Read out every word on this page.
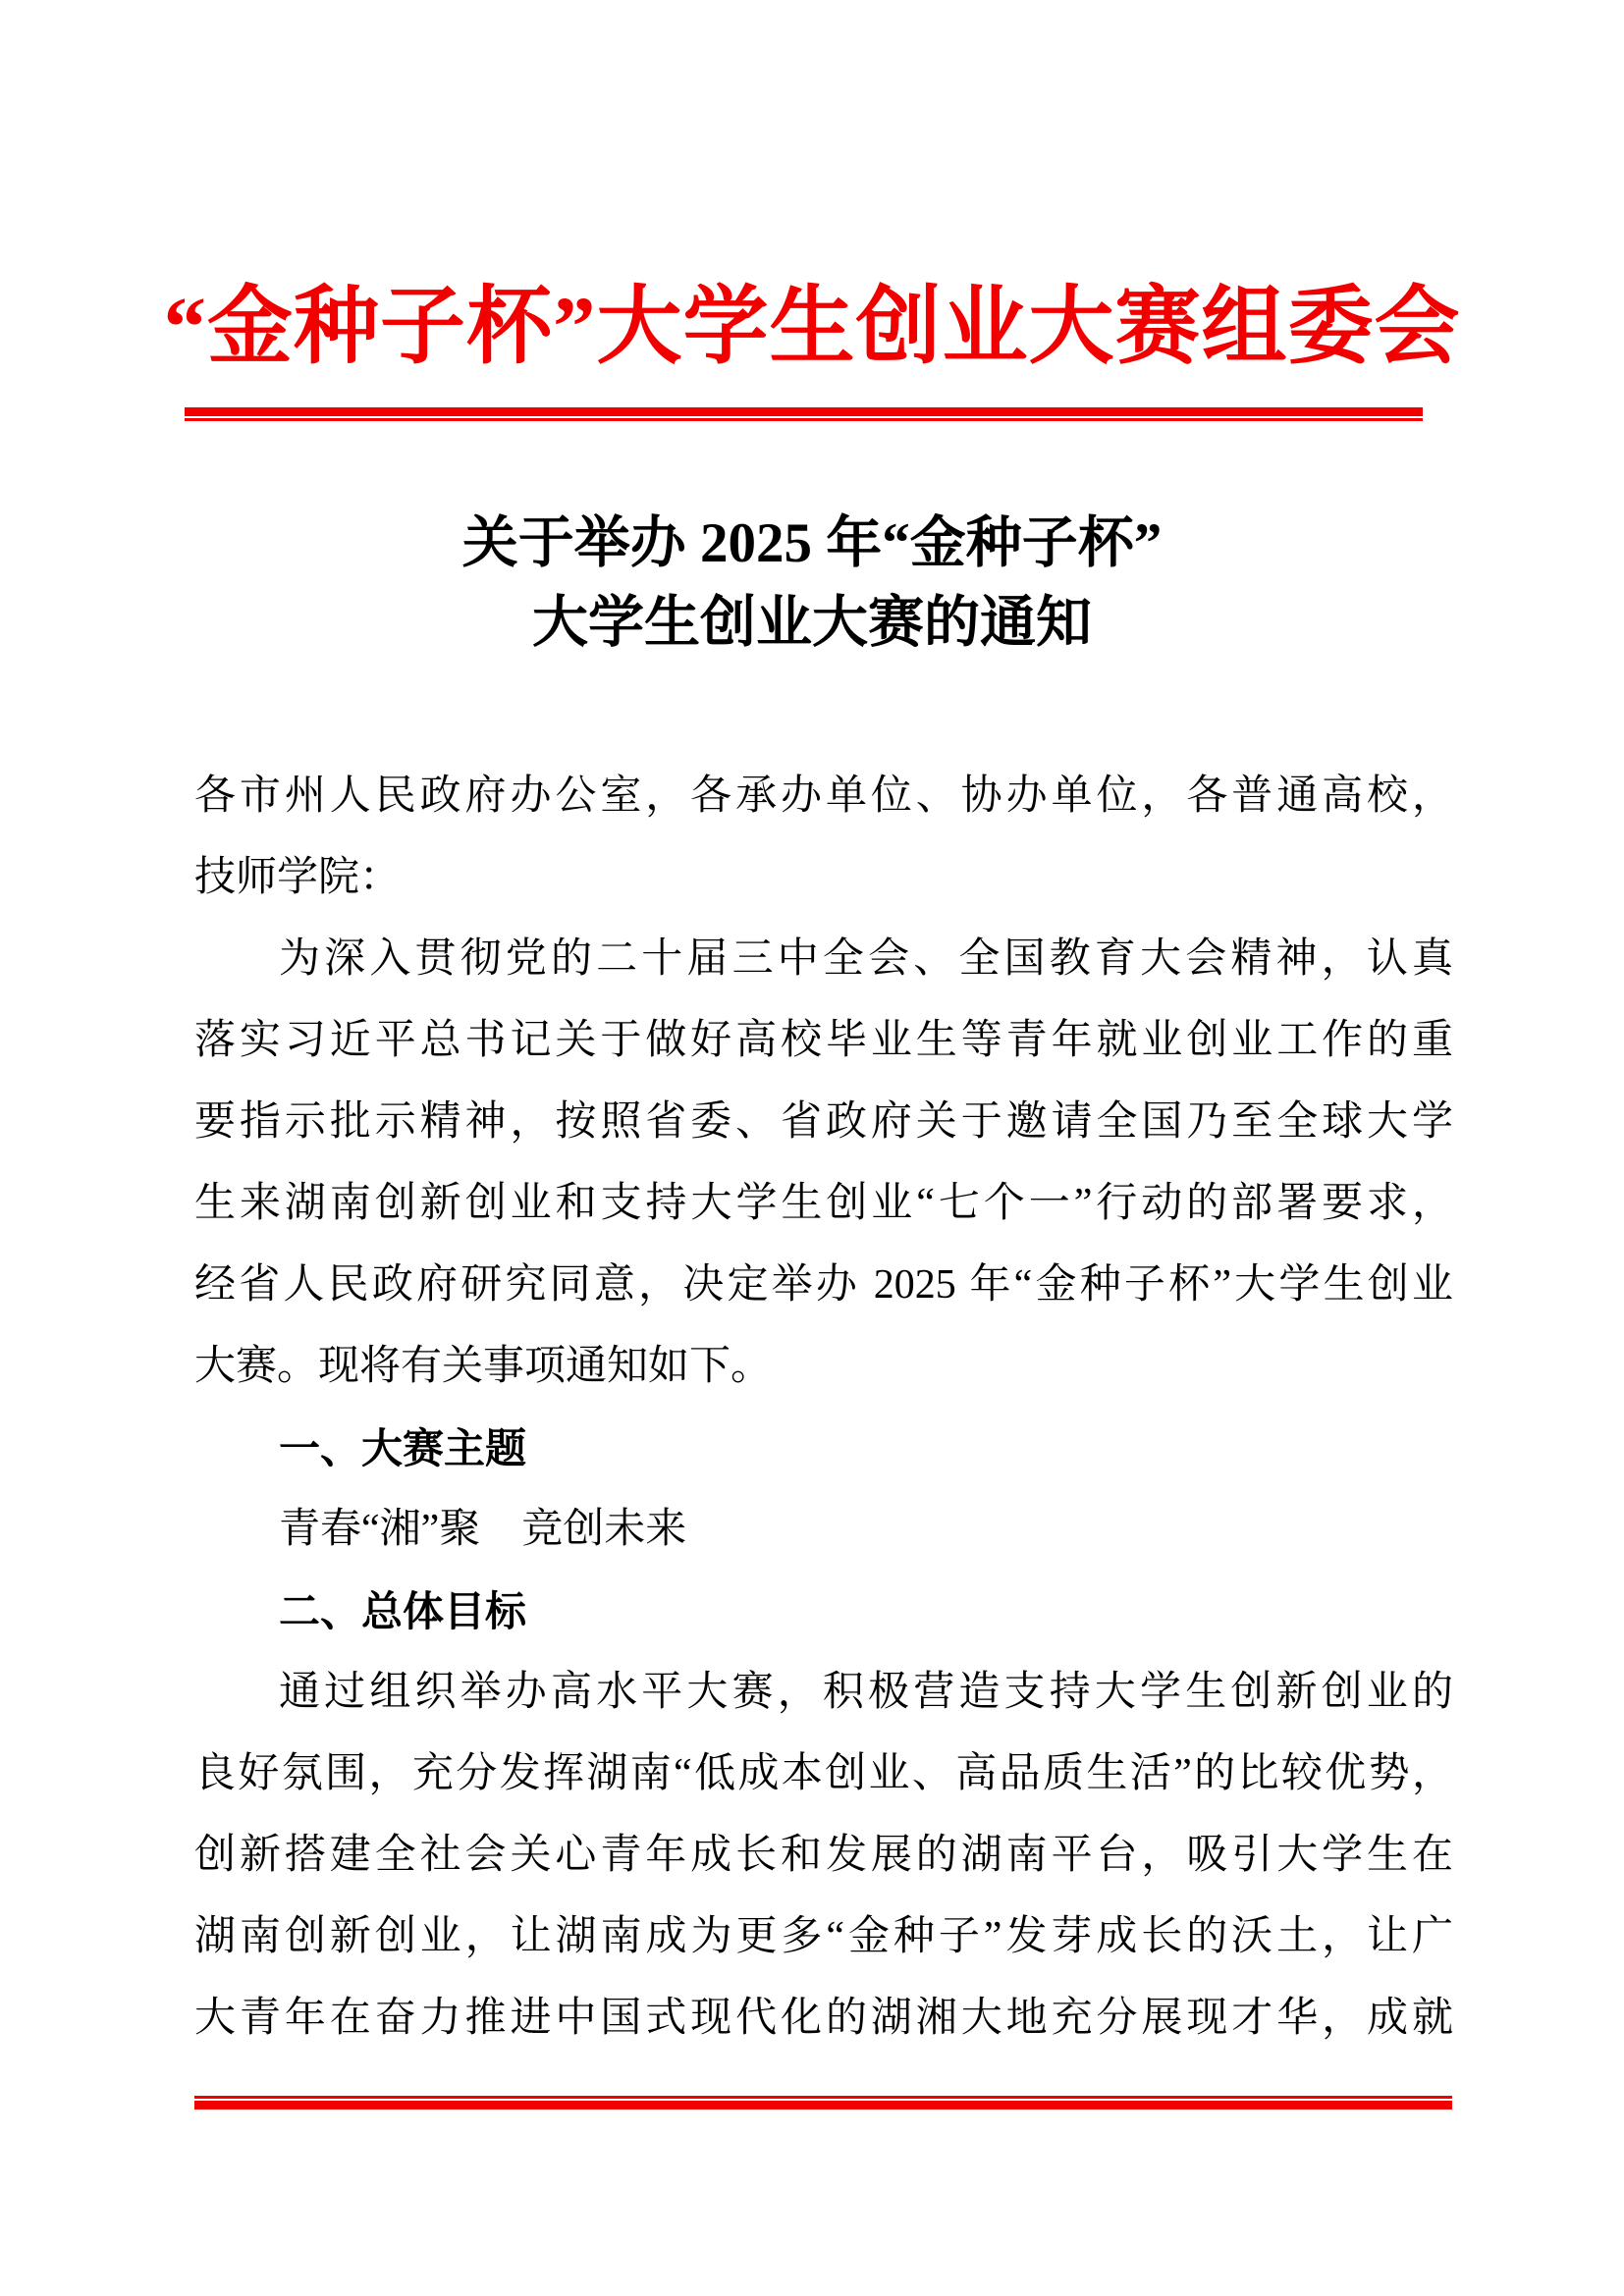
“金种子杯”大学生创业大赛组委会
关于举办 2025 年“金种子杯”
大学生创业大赛的通知
各市州人民政府办公室，各承办单位、协办单位，各普通高校，
技师学院：
为深入贯彻党的二十届三中全会、全国教育大会精神，认真
落实习近平总书记关于做好高校毕业生等青年就业创业工作的重
要指示批示精神，按照省委、省政府关于邀请全国乃至全球大学
生来湖南创新创业和支持大学生创业“七个一”行动的部署要求，
经省人民政府研究同意，决定举办 2025 年“金种子杯”大学生创业
大赛。现将有关事项通知如下。
一、大赛主题
青春“湘”聚　竞创未来
二、总体目标
通过组织举办高水平大赛，积极营造支持大学生创新创业的
良好氛围，充分发挥湖南“低成本创业、高品质生活”的比较优势，
创新搭建全社会关心青年成长和发展的湖南平台，吸引大学生在
湖南创新创业，让湖南成为更多“金种子”发芽成长的沃土，让广
大青年在奋力推进中国式现代化的湖湘大地充分展现才华，成就
